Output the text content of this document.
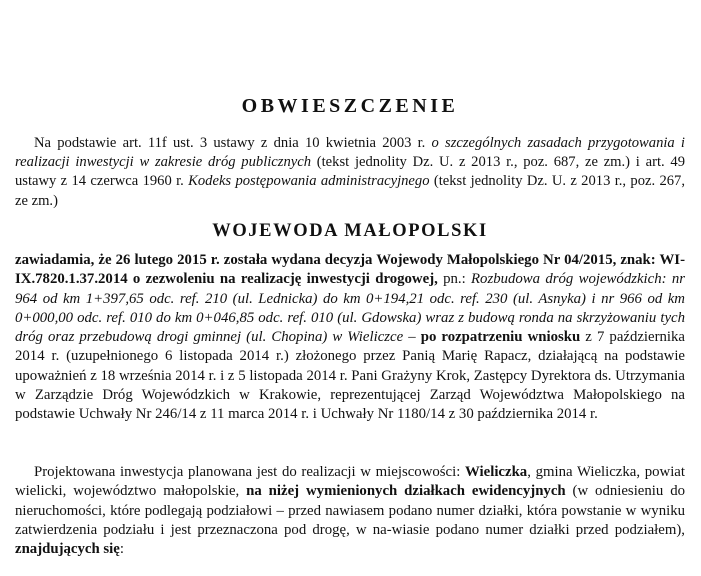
OBWIESZCZENIE

Na podstawie art. 11f ust. 3 ustawy z dnia 10 kwietnia 2003 r. o szczególnych zasadach przygotowania i realizacji inwestycji w zakresie dróg publicznych (tekst jednolity Dz. U. z 2013 r., poz. 687, ze zm.) i art. 49 ustawy z 14 czerwca 1960 r. Kodeks postępowania administracyjnego (tekst jednolity Dz. U. z 2013 r., poz. 267, ze zm.)

WOJEWODA MAŁOPOLSKI

zawiadamia, że 26 lutego 2015 r. została wydana decyzja Wojewody Małopolskiego Nr 04/2015, znak: WI-IX.7820.1.37.2014 o zezwoleniu na realizację inwestycji drogowej, pn.: Rozbudowa dróg wojewódzkich: nr 964 od km 1+397,65 odc. ref. 210 (ul. Lednicka) do km 0+194,21 odc. ref. 230 (ul. Asnyka) i nr 966 od km 0+000,00 odc. ref. 010 do km 0+046,85 odc. ref. 010 (ul. Gdowska) wraz z budową ronda na skrzyżowaniu tych dróg oraz przebudową drogi gminnej (ul. Chopina) w Wieliczce – po rozpatrzeniu wniosku z 7 października 2014 r. (uzupełnionego 6 listopada 2014 r.) złożonego przez Panią Marię Rapacz, działającą na podstawie upoważnień z 18 września 2014 r. i z 5 listopada 2014 r. Pani Grażyny Krok, Zastępcy Dyrektora ds. Utrzymania w Zarządzie Dróg Wojewódzkich w Krakowie, reprezentującej Zarząd Województwa Małopolskiego na podstawie Uchwały Nr 246/14 z 11 marca 2014 r. i Uchwały Nr 1180/14 z 30 października 2014 r.

Projektowana inwestycja planowana jest do realizacji w miejscowości: Wieliczka, gmina Wieliczka, powiat wielicki, województwo małopolskie, na niżej wymienionych działkach ewidencyjnych (w odniesieniu do nieruchomości, które podlegają podziałowi – przed nawiasem podano numer działki, która powstanie w wyniku zatwierdzenia podziału i jest przeznaczona pod drogę, w na-wiasie podano numer działki przed podziałem), znajdujących się:
